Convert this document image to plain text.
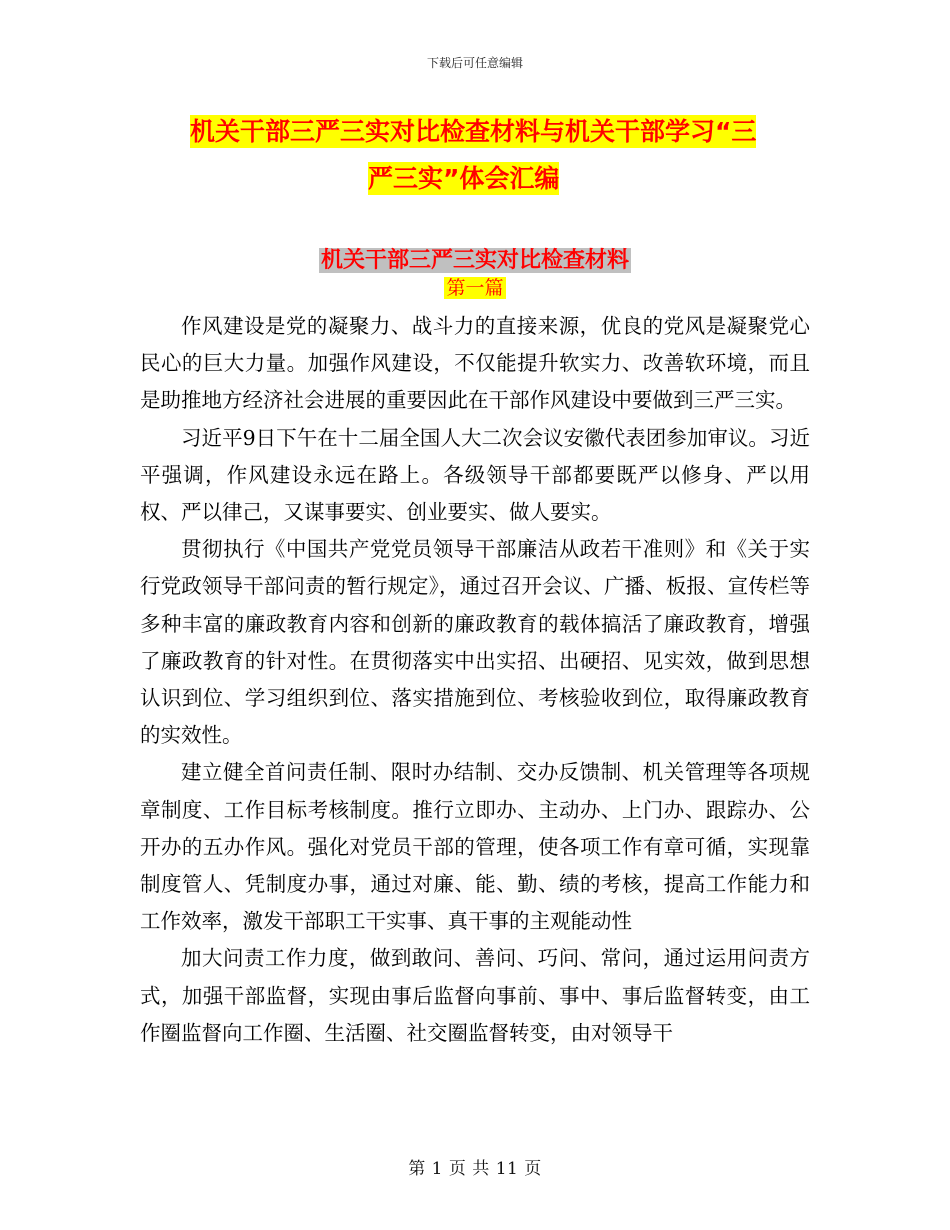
下载后可任意编辑
机关干部三严三实对比检查材料与机关干部学习“三
严三实”体会汇编
机关干部三严三实对比检查材料
第一篇

作风建设是党的凝聚力、战斗力的直接来源，优良的党风是凝聚党心民心的巨大力量。加强作风建设，不仅能提升软实力、改善软环境，而且是助推地方经济社会进展的重要因此在干部作风建设中要做到三严三实。

习近平9日下午在十二届全国人大二次会议安徽代表团参加审议。习近平强调，作风建设永远在路上。各级领导干部都要既严以修身、严以用权、严以律己，又谋事要实、创业要实、做人要实。

贯彻执行《中国共产党党员领导干部廉洁从政若干准则》和《关于实行党政领导干部问责的暂行规定》，通过召开会议、广播、板报、宣传栏等多种丰富的廉政教育内容和创新的廉政教育的载体搞活了廉政教育，增强了廉政教育的针对性。在贯彻落实中出实招、出硬招、见实效，做到思想认识到位、学习组织到位、落实措施到位、考核验收到位，取得廉政教育的实效性。

建立健全首问责任制、限时办结制、交办反馈制、机关管理等各项规章制度、工作目标考核制度。推行立即办、主动办、上门办、跟踪办、公开办的五办作风。强化对党员干部的管理，使各项工作有章可循，实现靠制度管人、凭制度办事，通过对廉、能、勤、绩的考核，提高工作能力和工作效率，激发干部职工干实事、真干事的主观能动性

加大问责工作力度，做到敢问、善问、巧问、常问，通过运用问责方式，加强干部监督，实现由事后监督向事前、事中、事后监督转变，由工作圈监督向工作圈、生活圈、社交圈监督转变，由对领导干

第 1 页 共 11 页
